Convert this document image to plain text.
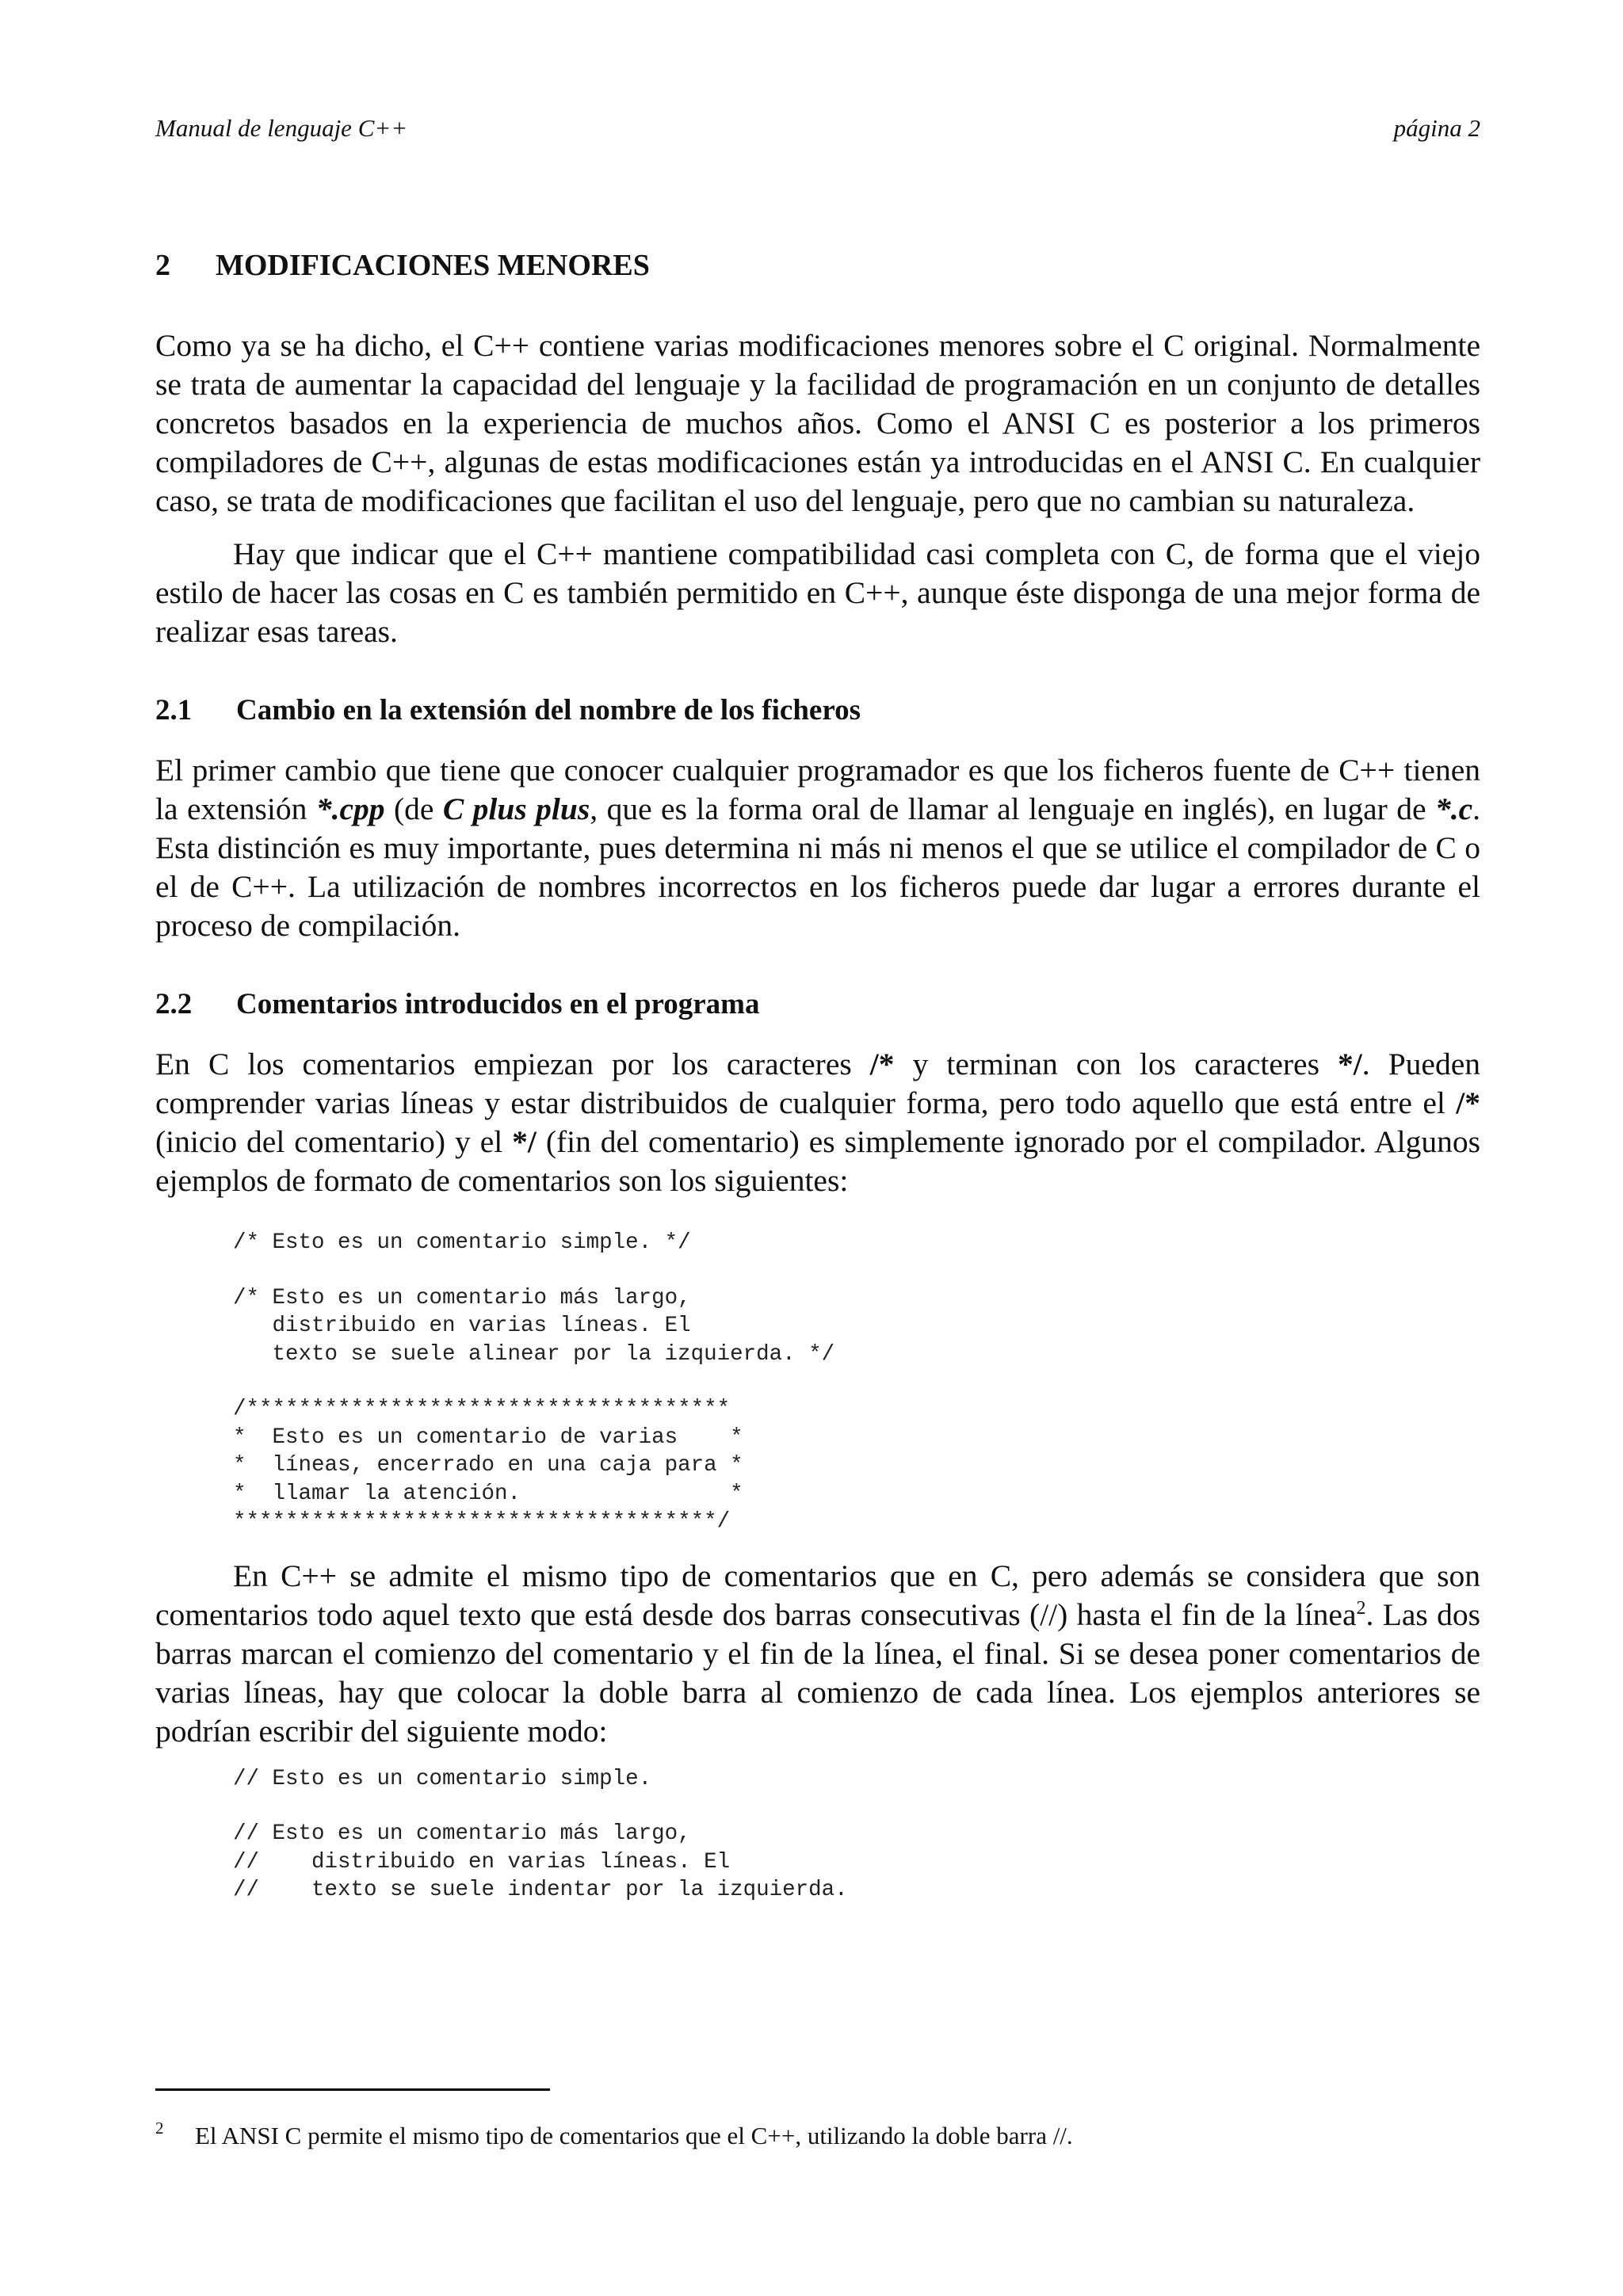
Manual de lenguaje C++	página 2
2 MODIFICACIONES MENORES

Como ya se ha dicho, el C++ contiene varias modificaciones menores sobre el C original. Normalmente se trata de aumentar la capacidad del lenguaje y la facilidad de programación en un conjunto de detalles concretos basados en la experiencia de muchos años. Como el ANSI C es posterior a los primeros compiladores de C++, algunas de estas modificaciones están ya introducidas en el ANSI C. En cualquier caso, se trata de modificaciones que facilitan el uso del lenguaje, pero que no cambian su naturaleza.

Hay que indicar que el C++ mantiene compatibilidad casi completa con C, de forma que el viejo estilo de hacer las cosas en C es también permitido en C++, aunque éste disponga de una mejor forma de realizar esas tareas.

2.1 Cambio en la extensión del nombre de los ficheros

El primer cambio que tiene que conocer cualquier programador es que los ficheros fuente de C++ tienen la extensión *.cpp (de C plus plus, que es la forma oral de llamar al lenguaje en inglés), en lugar de *.c. Esta distinción es muy importante, pues determina ni más ni menos el que se utilice el compilador de C o el de C++. La utilización de nombres incorrectos en los ficheros puede dar lugar a errores durante el proceso de compilación.

2.2 Comentarios introducidos en el programa

En C los comentarios empiezan por los caracteres /* y terminan con los caracteres */. Pueden comprender varias líneas y estar distribuidos de cualquier forma, pero todo aquello que está entre el /* (inicio del comentario) y el */ (fin del comentario) es simplemente ignorado por el compilador. Algunos ejemplos de formato de comentarios son los siguientes:

/* Esto es un comentario simple. */
/* Esto es un comentario más largo,
distribuido en varias líneas. El
texto se suele alinear por la izquierda. */
/*************************************
*  Esto es un comentario de varias    *
*  líneas, encerrado en una caja para *
*  llamar la atención.                *
*************************************/

En C++ se admite el mismo tipo de comentarios que en C, pero además se considera que son comentarios todo aquel texto que está desde dos barras consecutivas (//) hasta el fin de la línea$^2$. Las dos barras marcan el comienzo del comentario y el fin de la línea, el final. Si se desea poner comentarios de varias líneas, hay que colocar la doble barra al comienzo de cada línea. Los ejemplos anteriores se podrían escribir del siguiente modo:

// Esto es un comentario simple.
// Esto es un comentario más largo,
//    distribuido en varias líneas. El
//    texto se suele indentar por la izquierda.
2 El ANSI C permite el mismo tipo de comentarios que el C++, utilizando la doble barra //.
